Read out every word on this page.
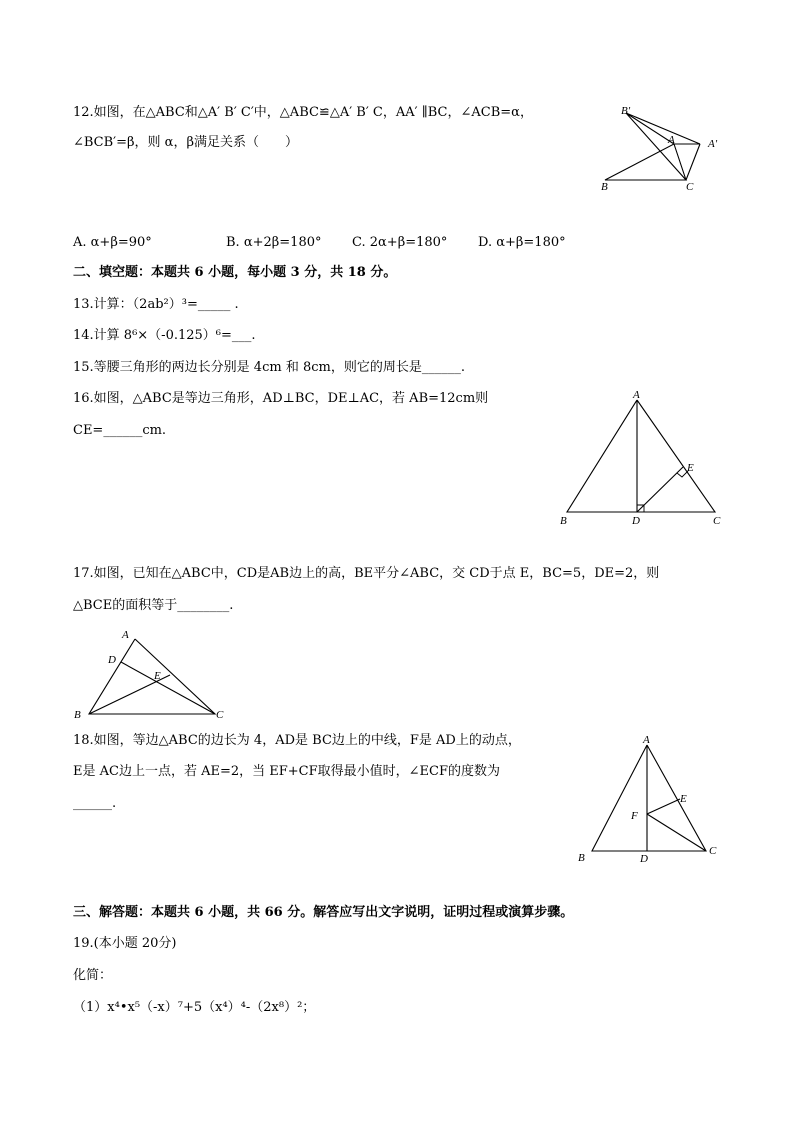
12.如图，在△ABC和△A′ B′ C′中，△ABC≌△A′ B′ C，AA′ ∥BC，∠ACB=α，
∠BCB′=β，则 α，β满足关系（　　）
B′
A	A′
B	C
A. α+β=90°	B. α+2β=180° C. 2α+β=180° D. α+β=180°
二、填空题：本题共 6 小题，每小题 3 分，共 18 分。
13.计算：（2ab²）³=_____ .
14.计算 8⁶×（-0.125）⁶=___.
15.等腰三角形的两边长分别是 4cm 和 8cm，则它的周长是______.
16.如图，△ABC是等边三角形，AD⊥BC，DE⊥AC，若 AB=12cm则
CE=______cm.
A
E
B	D	C
17.如图，已知在△ABC中，CD是AB边上的高，BE平分∠ABC，交 CD于点 E，BC=5，DE=2，则
△BCE的面积等于________.
A
D
E
B	C
18.如图，等边△ABC的边长为 4，AD是 BC边上的中线，F是 AD上的动点，
E是 AC边上一点，若 AE=2，当 EF+CF取得最小值时，∠ECF的度数为
______.
A
E
F
B	D
C
三、解答题：本题共 6 小题，共 66 分。解答应写出文字说明，证明过程或演算步骤。
19.(本小题 20分)
化简：
（1）x⁴•x⁵（-x）⁷+5（x⁴）⁴-（2x⁸）²；
